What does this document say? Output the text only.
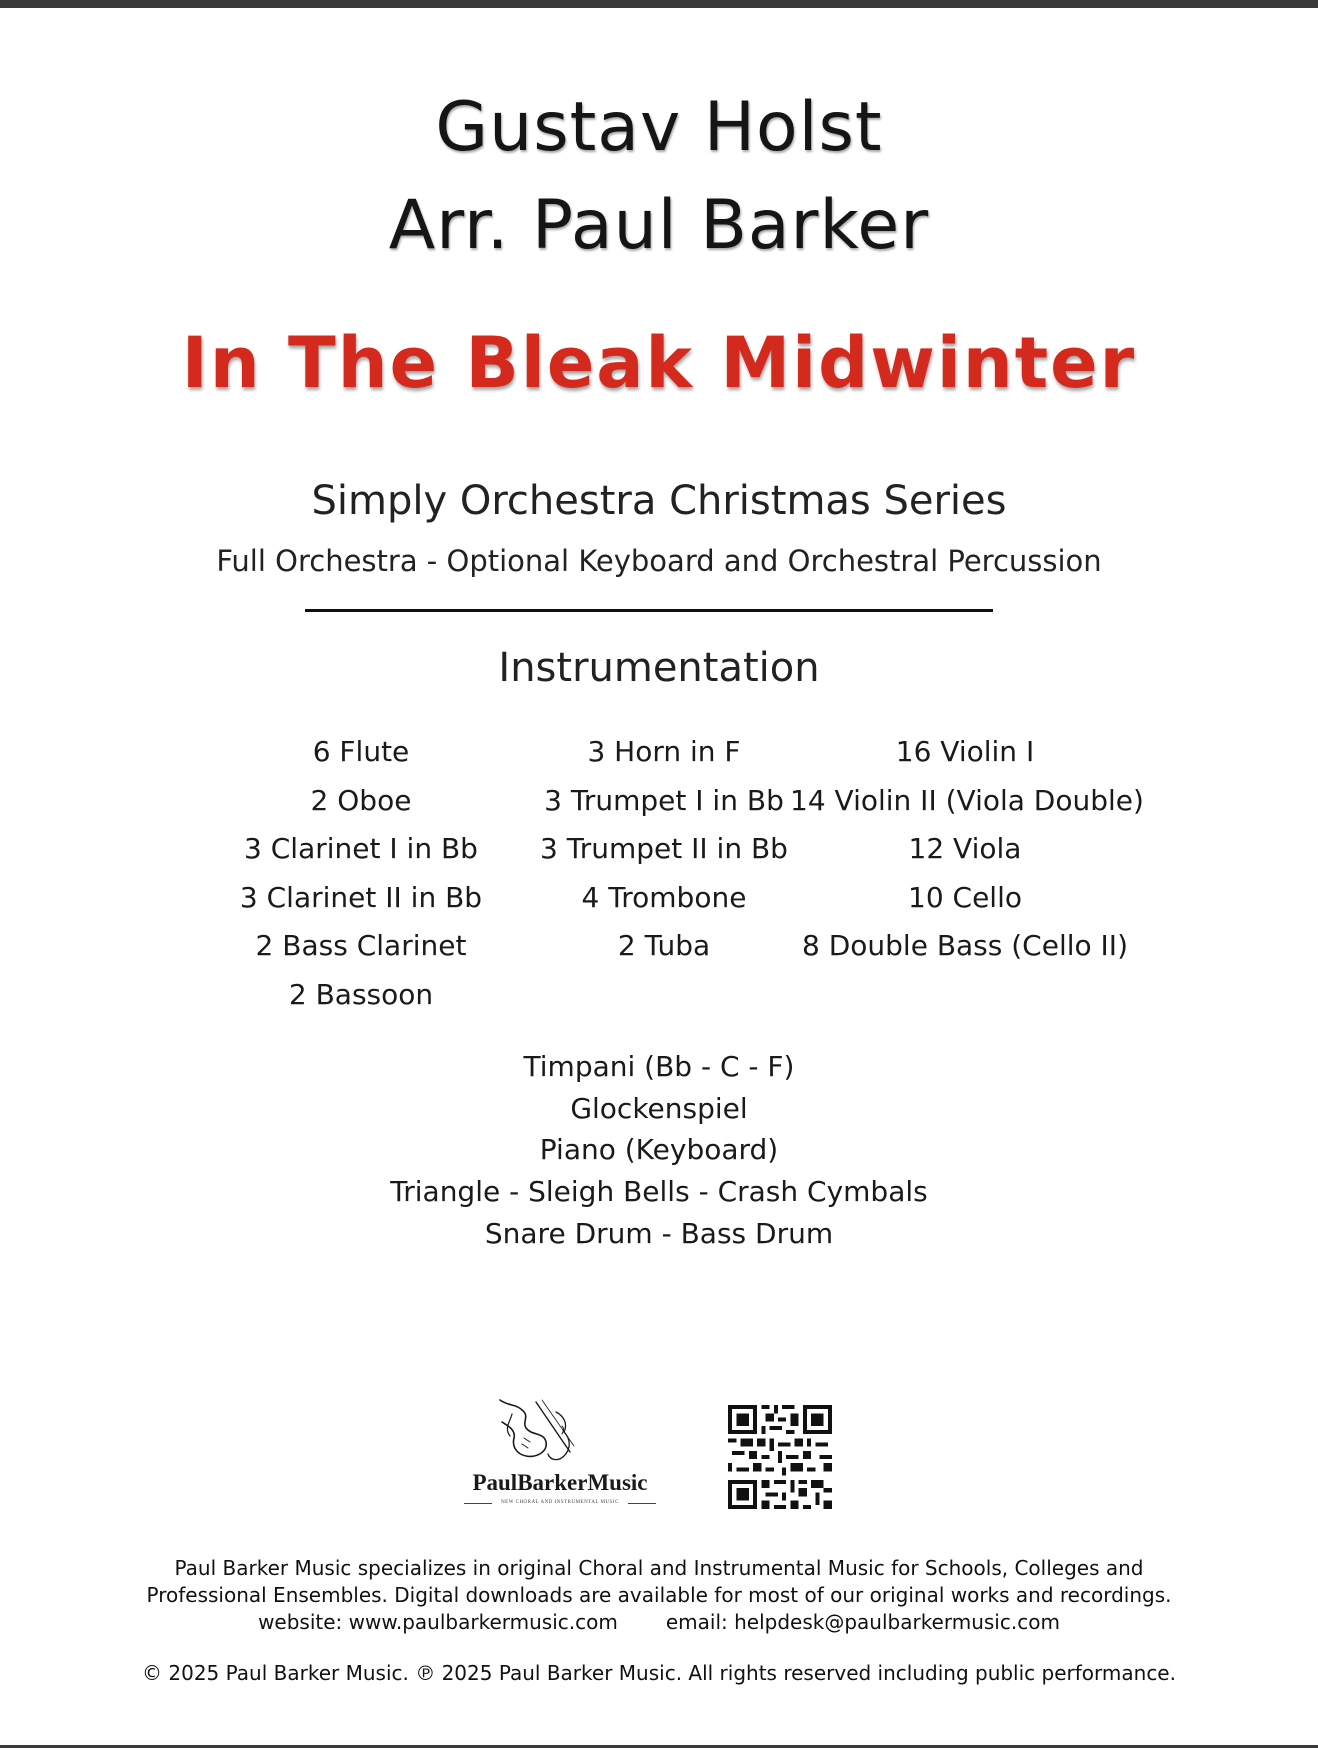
Gustav Holst
Arr. Paul Barker
In The Bleak Midwinter
Simply Orchestra Christmas Series
Full Orchestra - Optional Keyboard and Orchestral Percussion
Instrumentation
6 Flute
2 Oboe
3 Clarinet I in Bb
3 Clarinet II in Bb
2 Bass Clarinet
2 Bassoon
3 Horn in F
3 Trumpet I in Bb
3 Trumpet II in Bb
4 Trombone
2 Tuba
16 Violin I
14 Violin II (Viola Double)
12 Viola
10 Cello
8 Double Bass (Cello II)
Timpani (Bb - C - F)
Glockenspiel
Piano (Keyboard)
Triangle - Sleigh Bells - Crash Cymbals
Snare Drum - Bass Drum
PaulBarkerMusic
NEW CHORAL AND INSTRUMENTAL MUSIC
Paul Barker Music specializes in original Choral and Instrumental Music for Schools, Colleges and
Professional Ensembles. Digital downloads are available for most of our original works and recordings.
website: www.paulbarkermusic.com email: helpdesk@paulbarkermusic.com
© 2025 Paul Barker Music. ℗ 2025 Paul Barker Music. All rights reserved including public performance.
